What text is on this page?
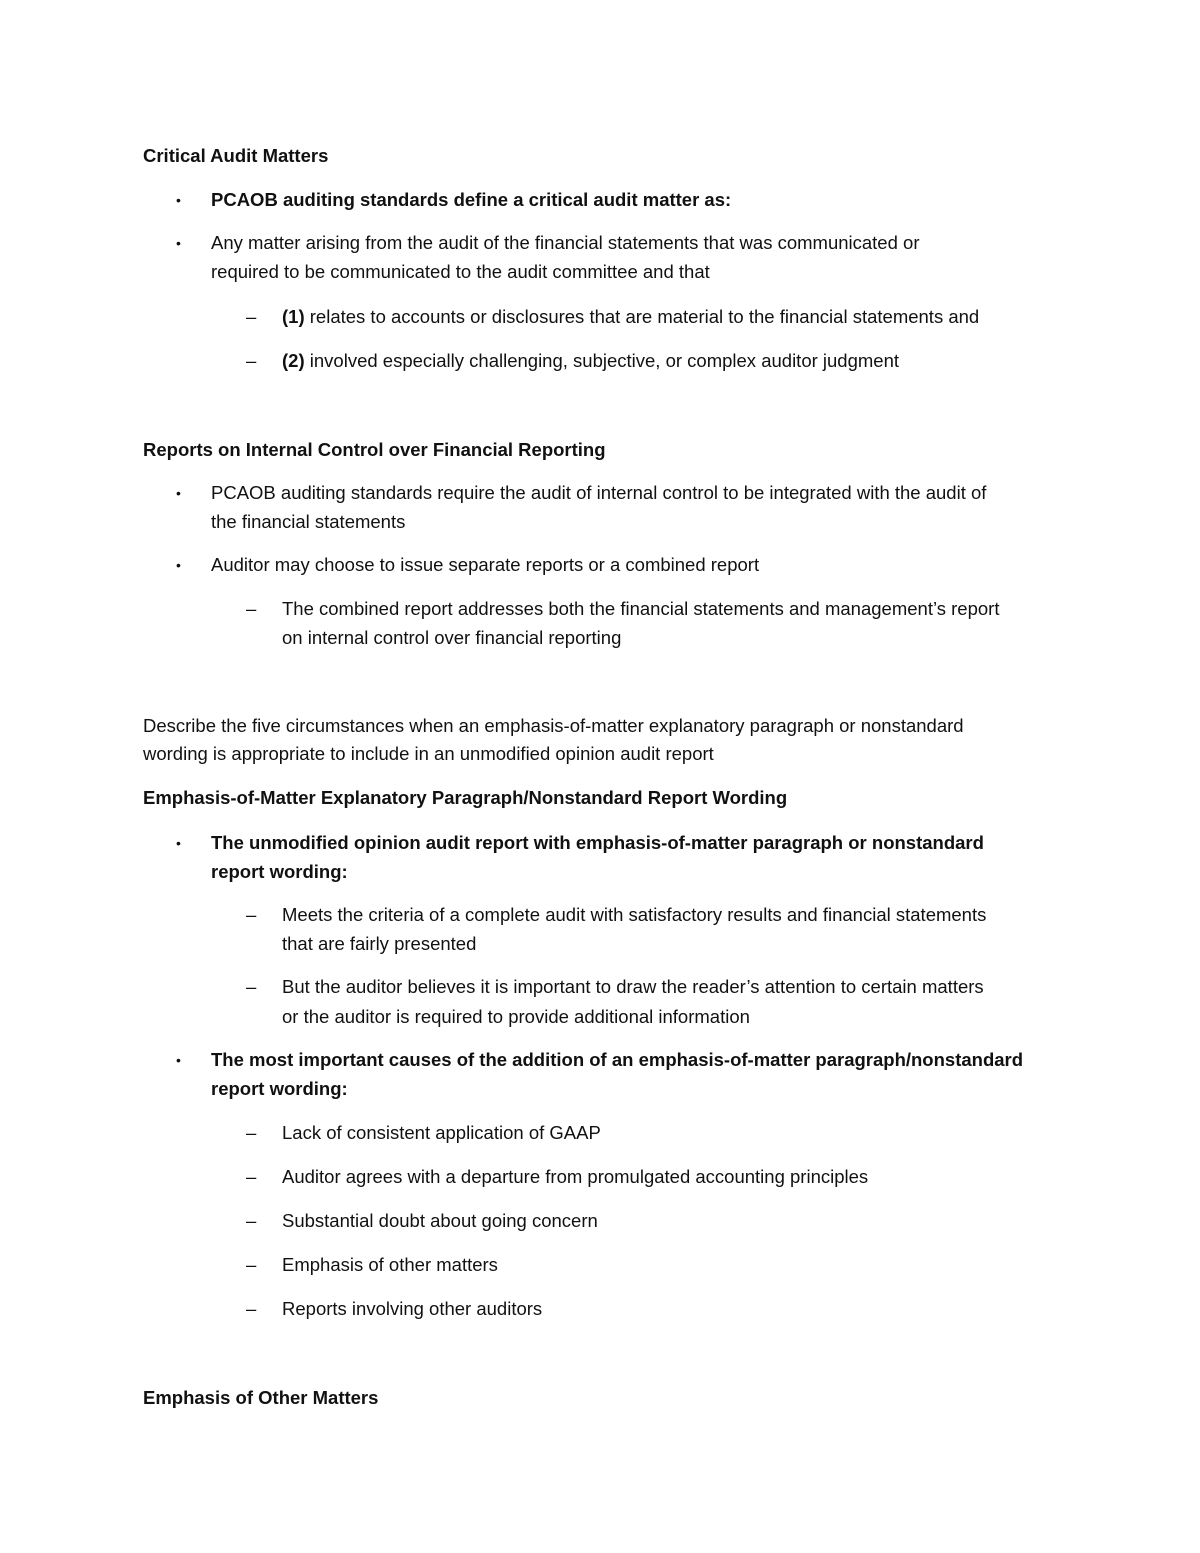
Critical Audit Matters
• PCAOB auditing standards define a critical audit matter as:
• Any matter arising from the audit of the financial statements that was communicated or
required to be communicated to the audit committee and that
– (1) relates to accounts or disclosures that are material to the financial statements and
– (2) involved especially challenging, subjective, or complex auditor judgment
Reports on Internal Control over Financial Reporting
• PCAOB auditing standards require the audit of internal control to be integrated with the audit of
the financial statements
• Auditor may choose to issue separate reports or a combined report
– The combined report addresses both the financial statements and management’s report
on internal control over financial reporting
Describe the five circumstances when an emphasis-of-matter explanatory paragraph or nonstandard
wording is appropriate to include in an unmodified opinion audit report
Emphasis-of-Matter Explanatory Paragraph/Nonstandard Report Wording
• The unmodified opinion audit report with emphasis-of-matter paragraph or nonstandard
report wording:
– Meets the criteria of a complete audit with satisfactory results and financial statements
that are fairly presented
– But the auditor believes it is important to draw the reader’s attention to certain matters
or the auditor is required to provide additional information
• The most important causes of the addition of an emphasis-of-matter paragraph/nonstandard
report wording:
– Lack of consistent application of GAAP
– Auditor agrees with a departure from promulgated accounting principles
– Substantial doubt about going concern
– Emphasis of other matters
– Reports involving other auditors
Emphasis of Other Matters
